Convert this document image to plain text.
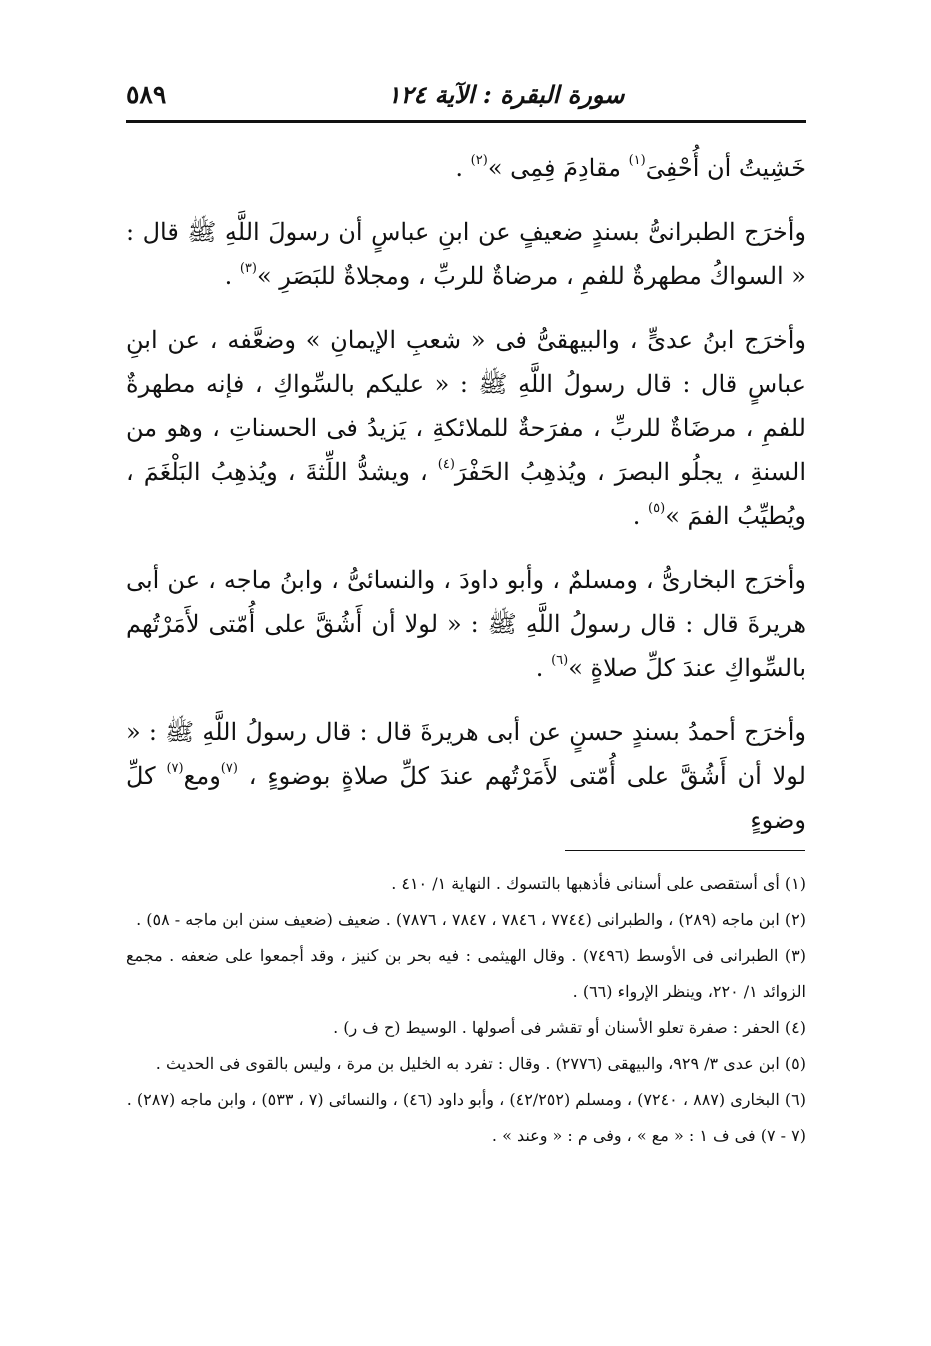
سورة البقرة : الآية ١٢٤
٥٨٩

خَشِيتُ أن أُحْفِىَ$^{(١)}$ مقادِمَ فِمِى »$^{(٢)}$ .

وأخرَج الطبرانىُّ بسندٍ ضعيفٍ عن ابنِ عباسٍ أن رسولَ اللَّهِ ﷺ قال : « السواكُ مطهرةٌ للفمِ ، مرضاةٌ للربِّ ، ومجلاةٌ للبَصَرِ »$^{(٣)}$ .

وأخرَج ابنُ عدىٍّ ، والبيهقىُّ فى « شعبِ الإيمانِ » وضعَّفه ، عن ابنِ عباسٍ قال : قال رسولُ اللَّهِ ﷺ : « عليكم بالسِّواكِ ، فإنه مطهرةٌ للفمِ ، مرضَاةٌ للربِّ ، مفرَحةٌ للملائكةِ ، يَزيدُ فى الحسناتِ ، وهو من السنةِ ، يجلُو البصرَ ، ويُذهِبُ الحَفْرَ$^{(٤)}$ ، ويشدُّ اللِّثةَ ، ويُذهِبُ البَلْغَمَ ، ويُطيِّبُ الفمَ »$^{(٥)}$ .

وأخرَج البخارىُّ ، ومسلمٌ ، وأبو داودَ ، والنسائىُّ ، وابنُ ماجه ، عن أبى هريرةَ قال : قال رسولُ اللَّهِ ﷺ : « لولا أن أَشُقَّ على أُمّتى لأَمَرْتُهم بالسِّواكِ عندَ كلِّ صلاةٍ »$^{(٦)}$ .

وأخرَج أحمدُ بسندٍ حسنٍ عن أبى هريرةَ قال : قال رسولُ اللَّهِ ﷺ : « لولا أن أَشُقَّ على أُمّتى لأَمَرْتُهم عندَ كلِّ صلاةٍ بوضوءٍ ، $^{(٧)}$ومع$^{(٧)}$ كلِّ وضوءٍ

(١) أى أستقصى على أسنانى فأذهبها بالتسوك . النهاية ١/ ٤١٠ .

(٢) ابن ماجه (٢٨٩) ، والطبرانى (٧٧٤٤ ، ٧٨٤٦ ، ٧٨٤٧ ، ٧٨٧٦) . ضعيف (ضعيف سنن ابن ماجه - ٥٨) .

(٣) الطبرانى فى الأوسط (٧٤٩٦) . وقال الهيثمى : فيه بحر بن كنيز ، وقد أجمعوا على ضعفه . مجمع الزوائد ١/ ٢٢٠، وينظر الإرواء (٦٦) .

(٤) الحفر : صفرة تعلو الأسنان أو تقشر فى أصولها . الوسيط (ح ف ر) .

(٥) ابن عدى ٣/ ٩٢٩، والبيهقى (٢٧٧٦) . وقال : تفرد به الخليل بن مرة ، وليس بالقوى فى الحديث .

(٦) البخارى (٨٨٧ ، ٧٢٤٠) ، ومسلم (٤٢/٢٥٢) ، وأبو داود (٤٦) ، والنسائى (٧ ، ٥٣٣) ، وابن ماجه (٢٨٧) .

(٧ - ٧) فى ف ١ : « مع » ، وفى م : « وعند » .
